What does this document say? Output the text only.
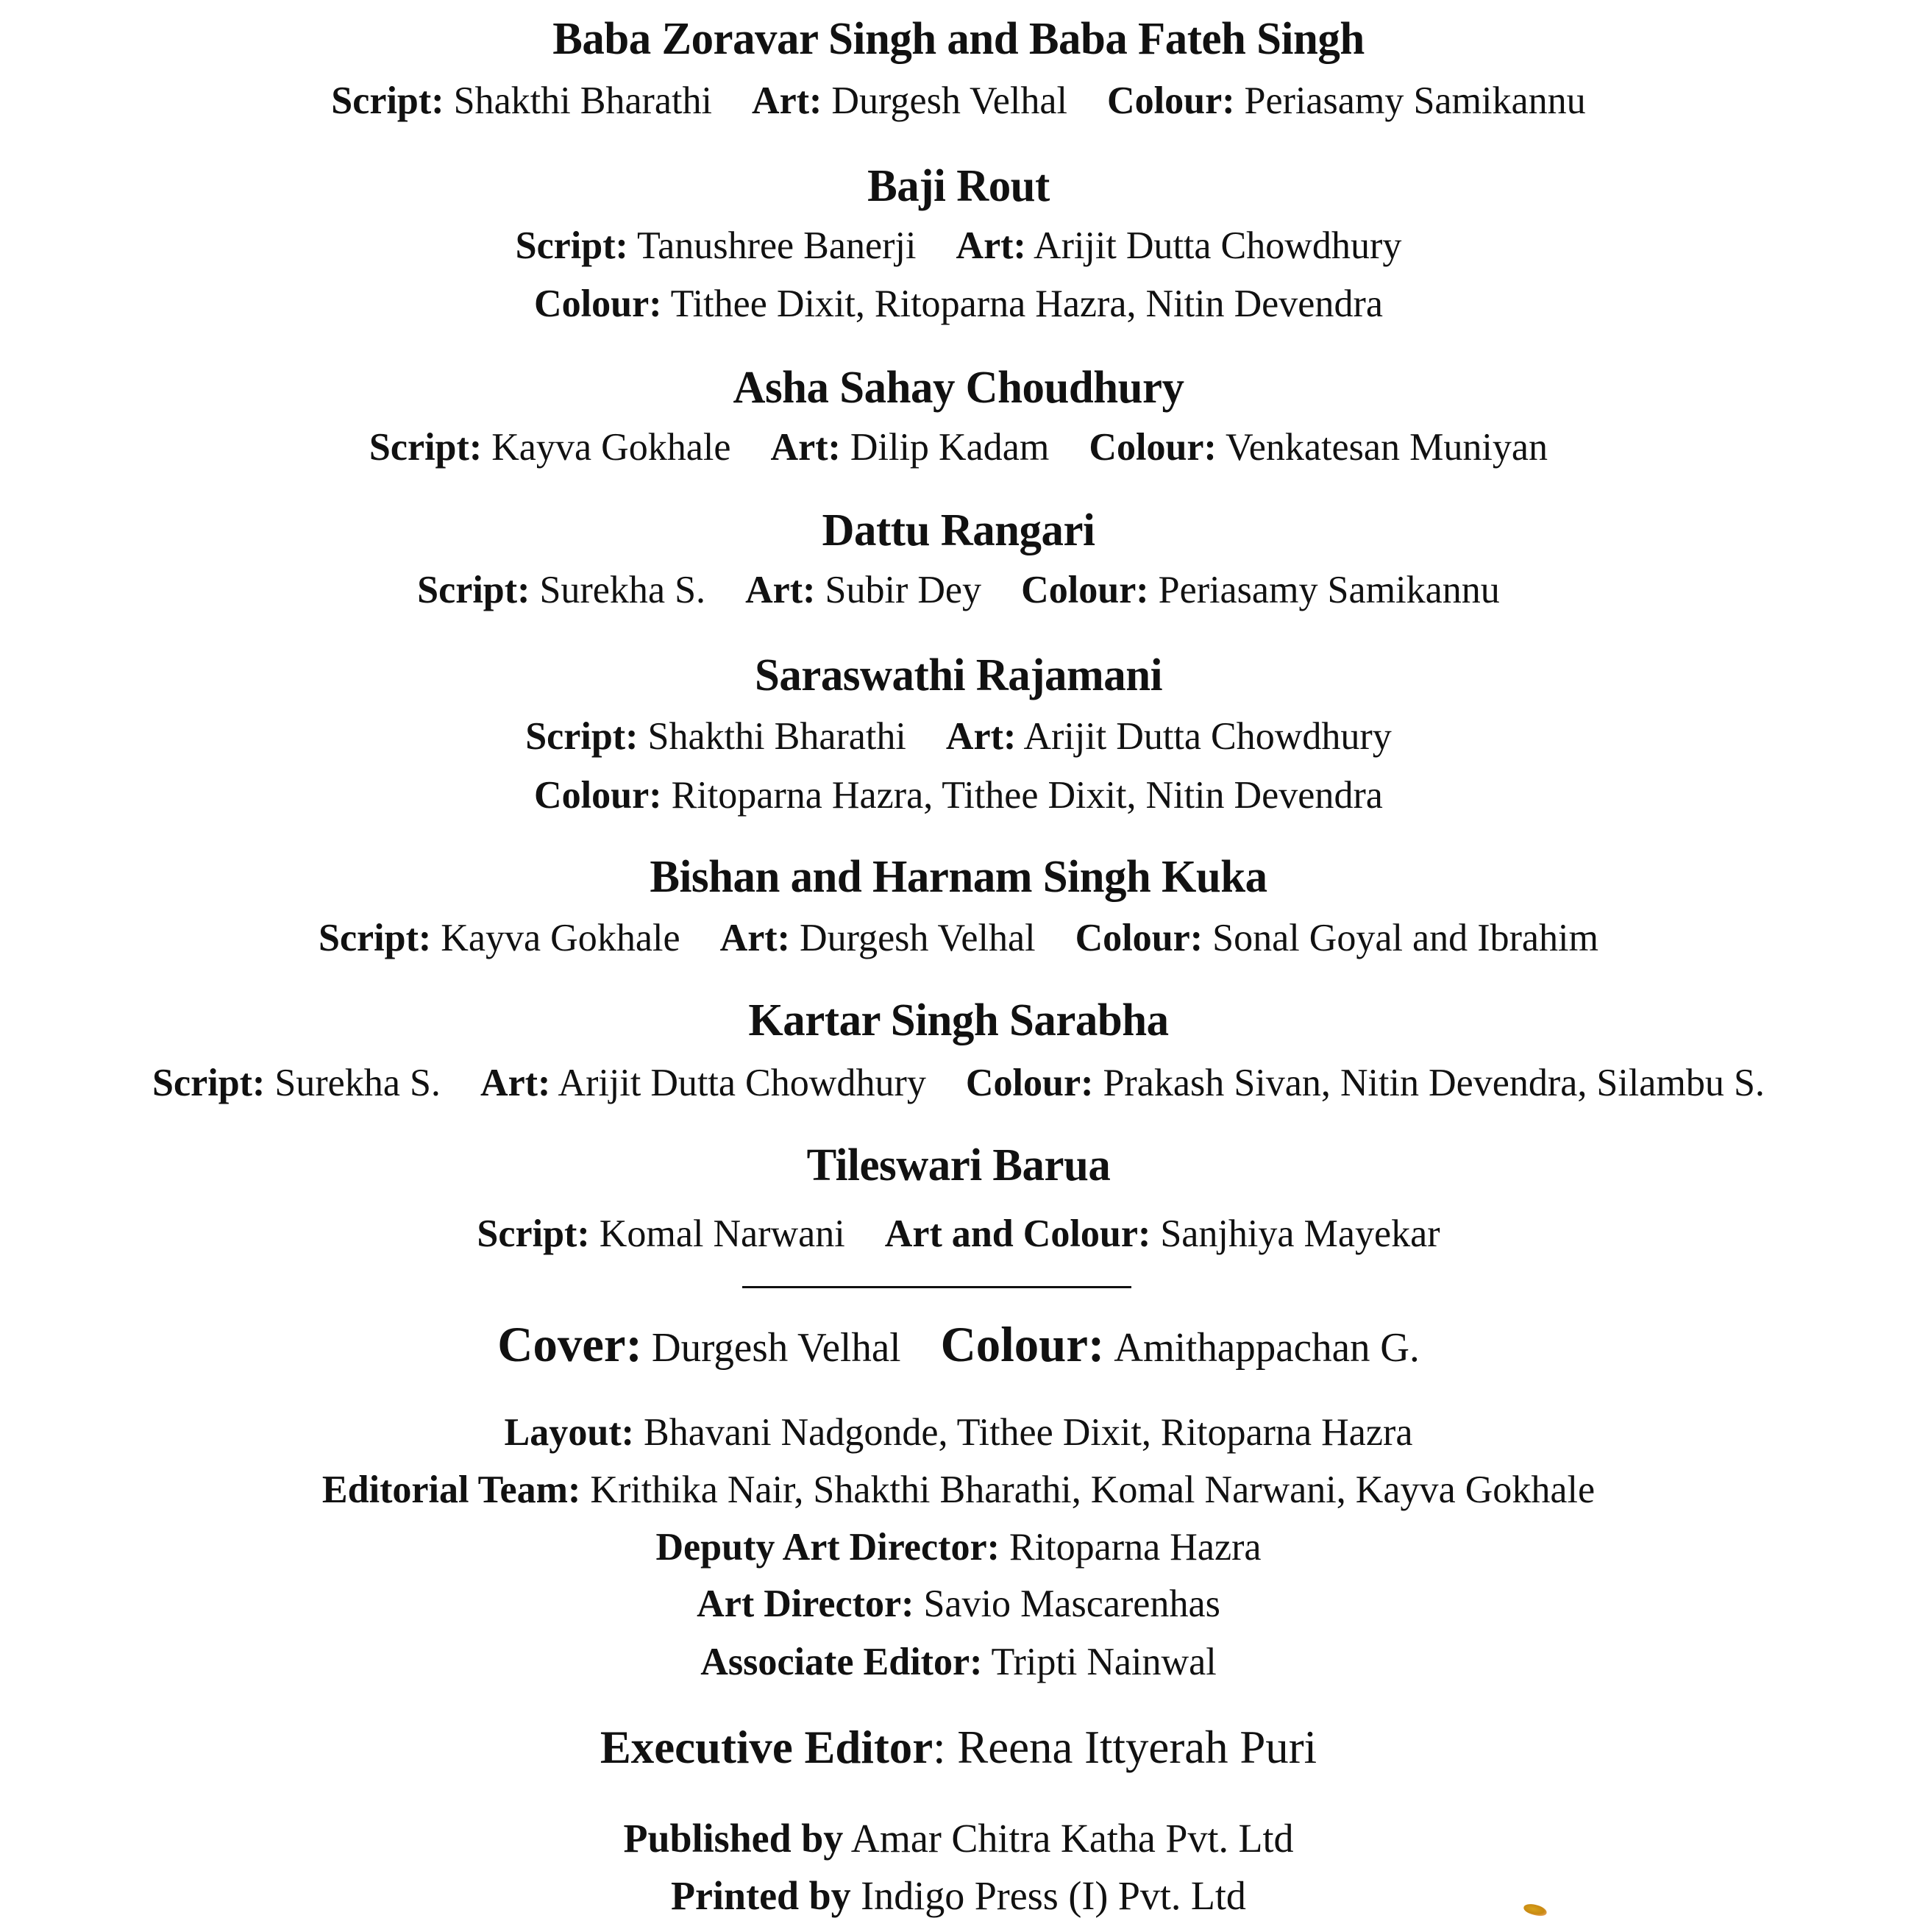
Baba Zoravar Singh and Baba Fateh Singh
Script: Shakthi Bharathi Art: Durgesh Velhal Colour: Periasamy Samikannu
Baji Rout
Script: Tanushree Banerji Art: Arijit Dutta Chowdhury
Colour: Tithee Dixit, Ritoparna Hazra, Nitin Devendra
Asha Sahay Choudhury
Script: Kayva Gokhale Art: Dilip Kadam Colour: Venkatesan Muniyan
Dattu Rangari
Script: Surekha S. Art: Subir Dey Colour: Periasamy Samikannu
Saraswathi Rajamani
Script: Shakthi Bharathi Art: Arijit Dutta Chowdhury
Colour: Ritoparna Hazra, Tithee Dixit, Nitin Devendra
Bishan and Harnam Singh Kuka
Script: Kayva Gokhale Art: Durgesh Velhal Colour: Sonal Goyal and Ibrahim
Kartar Singh Sarabha
Script: Surekha S. Art: Arijit Dutta Chowdhury Colour: Prakash Sivan, Nitin Devendra, Silambu S.
Tileswari Barua
Script: Komal Narwani Art and Colour: Sanjhiya Mayekar
Cover: Durgesh Velhal Colour: Amithappachan G.
Layout: Bhavani Nadgonde, Tithee Dixit, Ritoparna Hazra
Editorial Team: Krithika Nair, Shakthi Bharathi, Komal Narwani, Kayva Gokhale
Deputy Art Director: Ritoparna Hazra
Art Director: Savio Mascarenhas
Associate Editor: Tripti Nainwal
Executive Editor: Reena Ittyerah Puri
Published by Amar Chitra Katha Pvt. Ltd
Printed by Indigo Press (I) Pvt. Ltd
